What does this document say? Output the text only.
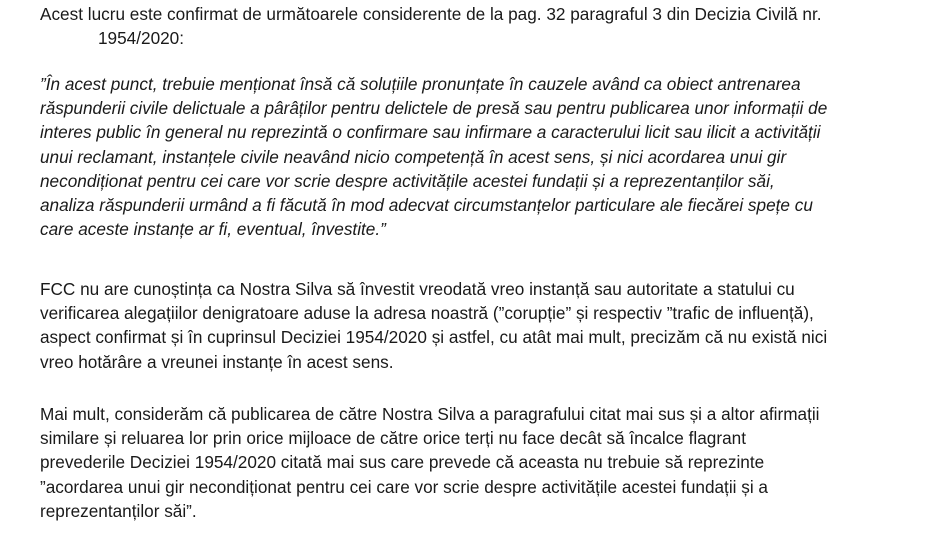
Acest lucru este confirmat de următoarele considerente de la pag. 32 paragraful 3 din Decizia Civilă nr.
1954/2020:
”În acest punct, trebuie menționat însă că soluțiile pronunțate în cauzele având ca obiect antrenarea
răspunderii civile delictuale a pârâților pentru delictele de presă sau pentru publicarea unor informații de
interes public în general nu reprezintă o confirmare sau infirmare a caracterului licit sau ilicit a activității
unui reclamant, instanțele civile neavând nicio competență în acest sens, și nici acordarea unui gir
necondiționat pentru cei care vor scrie despre activitățile acestei fundații și a reprezentanților săi,
analiza răspunderii urmând a fi făcută în mod adecvat circumstanțelor particulare ale fiecărei spețe cu
care aceste instanțe ar fi, eventual, învestite.”
FCC nu are cunoștința ca Nostra Silva să învestit vreodată vreo instanță sau autoritate a statului cu
verificarea alegațiilor denigratoare aduse la adresa noastră (”corupție” și respectiv ”trafic de influență),
aspect confirmat și în cuprinsul Deciziei 1954/2020 și astfel, cu atât mai mult, precizăm că nu există nici
vreo hotărâre a vreunei instanțe în acest sens.
Mai mult, considerăm că publicarea de către Nostra Silva a paragrafului citat mai sus și a altor afirmații
similare și reluarea lor prin orice mijloace de către orice terți nu face decât să încalce flagrant
prevederile Deciziei 1954/2020 citată mai sus care prevede că aceasta nu trebuie să reprezinte
”acordarea unui gir necondiționat pentru cei care vor scrie despre activitățile acestei fundații și a
reprezentanților săi”.
